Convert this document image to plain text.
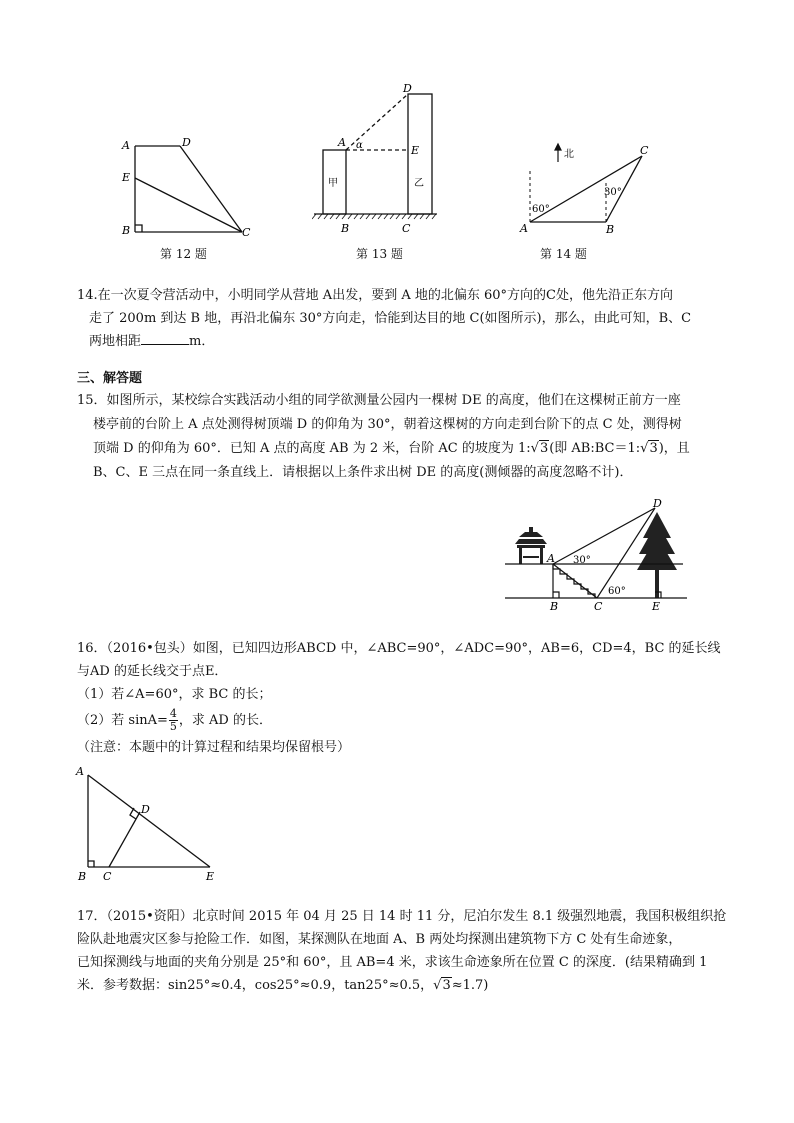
A	D
E
B	C
第 12 题
D
A α	E
甲	乙
B	C
第 13 题
北	C
30°
60°
A	B
第 14 题
14.在一次夏令营活动中，小明同学从营地 A出发，要到 A 地的北偏东 60°方向的C处，他先沿正东方向
走了 200m 到达 B 地，再沿北偏东 30°方向走，恰能到达目的地 C(如图所示)，那么，由此可知，B、C
两地相距	m．
三、解答题
15．如图所示，某校综合实践活动小组的同学欲测量公园内一棵树 DE 的高度，他们在这棵树正前方一座
楼亭前的台阶上 A 点处测得树顶端 D 的仰角为 30°，朝着这棵树的方向走到台阶下的点 C 处，测得树
顶端 D 的仰角为 60°．已知 A 点的高度 AB 为 2 米，台阶 AC 的坡度为 1:√3(即 AB:BC＝1:√3)，且
B、C、E 三点在同一条直线上．请根据以上条件求出树 DE 的高度(测倾器的高度忽略不计)．
D
A 30°
60°
B	C	E
16．（2016•包头）如图，已知四边形ABCD 中，∠ABC=90°，∠ADC=90°，AB=6，CD=4，BC 的延长线
与AD 的延长线交于点E．
（1）若∠A=60°，求 BC 的长；
（2）若 $\sin A= \frac{4}{5}$ ，求 AD 的长．
（注意：本题中的计算过程和结果均保留根号）
A
D
B C	E
17．（2015•资阳）北京时间 2015 年 04 月 25 日 14 时 11 分，尼泊尔发生 8.1 级强烈地震，我国积极组织抢
险队赴地震灾区参与抢险工作．如图，某探测队在地面 A、B 两处均探测出建筑物下方 C 处有生命迹象，
已知探测线与地面的夹角分别是 25°和 60°，且 AB=4 米，求该生命迹象所在位置 C 的深度．(结果精确到 1
米．参考数据：sin25°≈0.4，cos25°≈0.9，tan25°≈0.5，√3≈1.7)
